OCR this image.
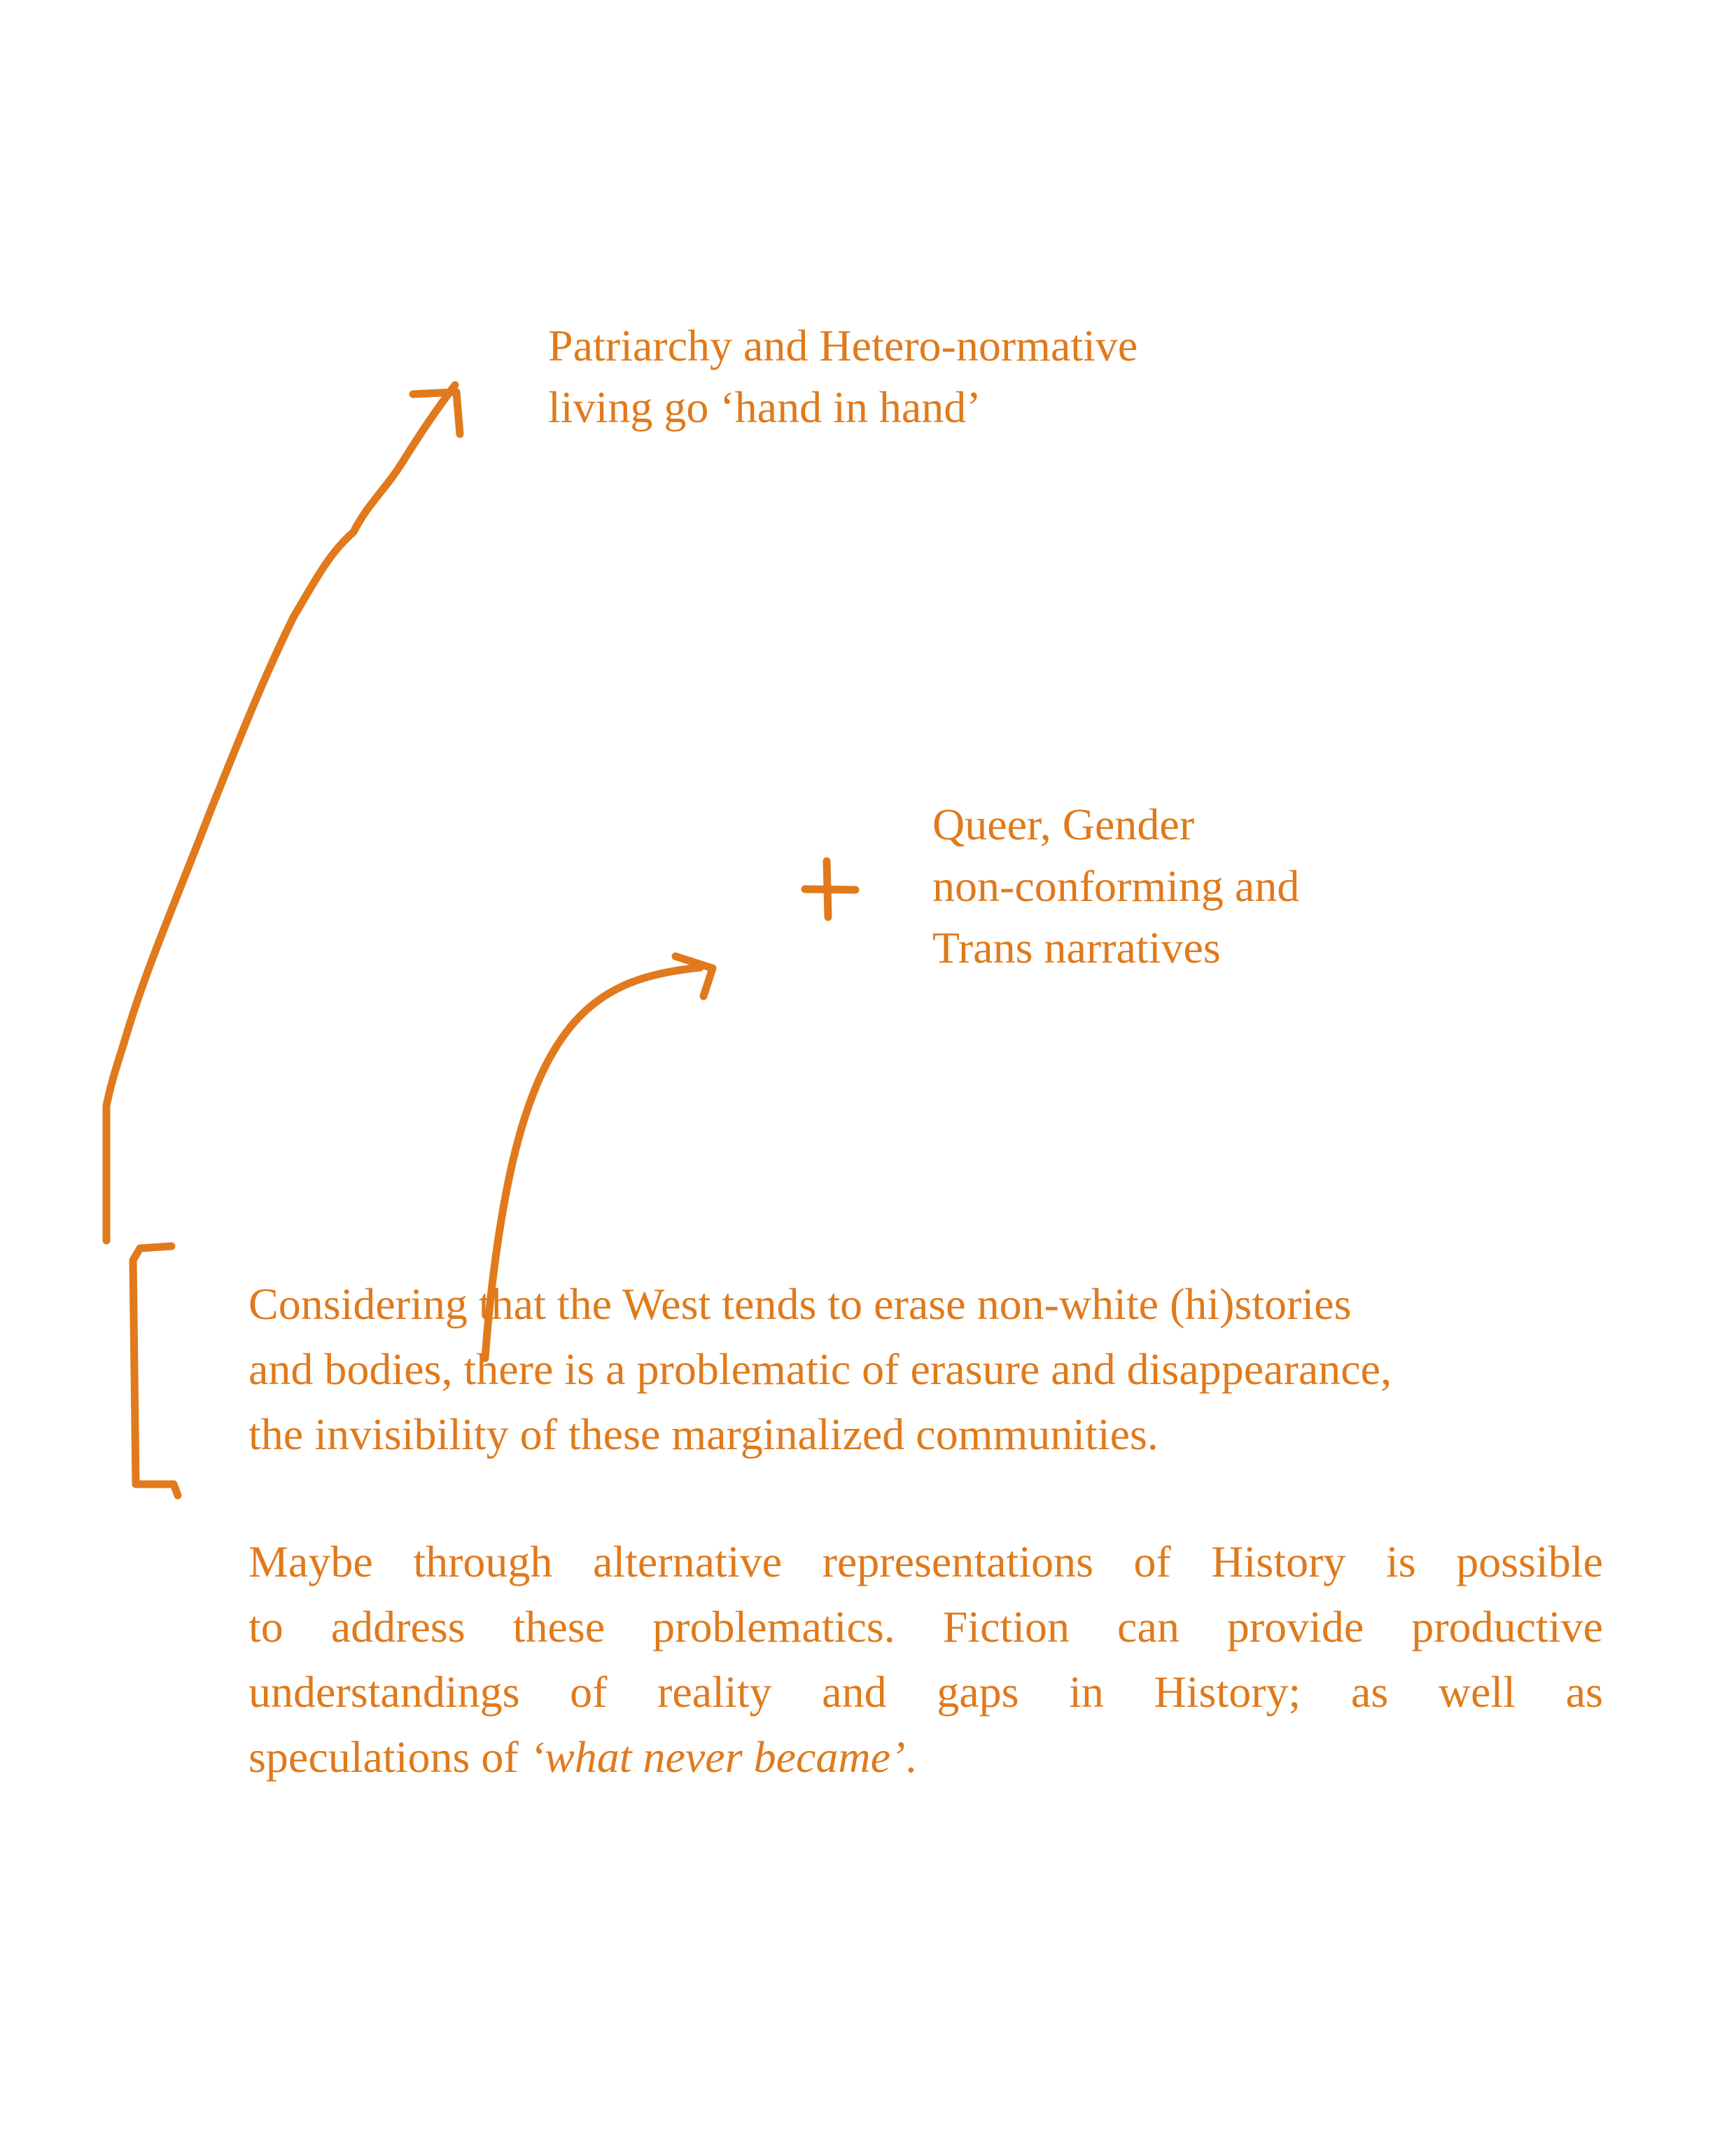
Patriarchy and Hetero-normative
living go ‘hand in hand’
Queer, Gender
non-conforming and
Trans narratives
Considering that the West tends to erase non-white (hi)stories
and bodies, there is a problematic of erasure and disappearance,
the invisibility of these marginalized communities.
Maybe through alternative representations of History is possible
to address these problematics. Fiction can provide productive
understandings of reality and gaps in History; as well as
speculations of ‘what never became’.
